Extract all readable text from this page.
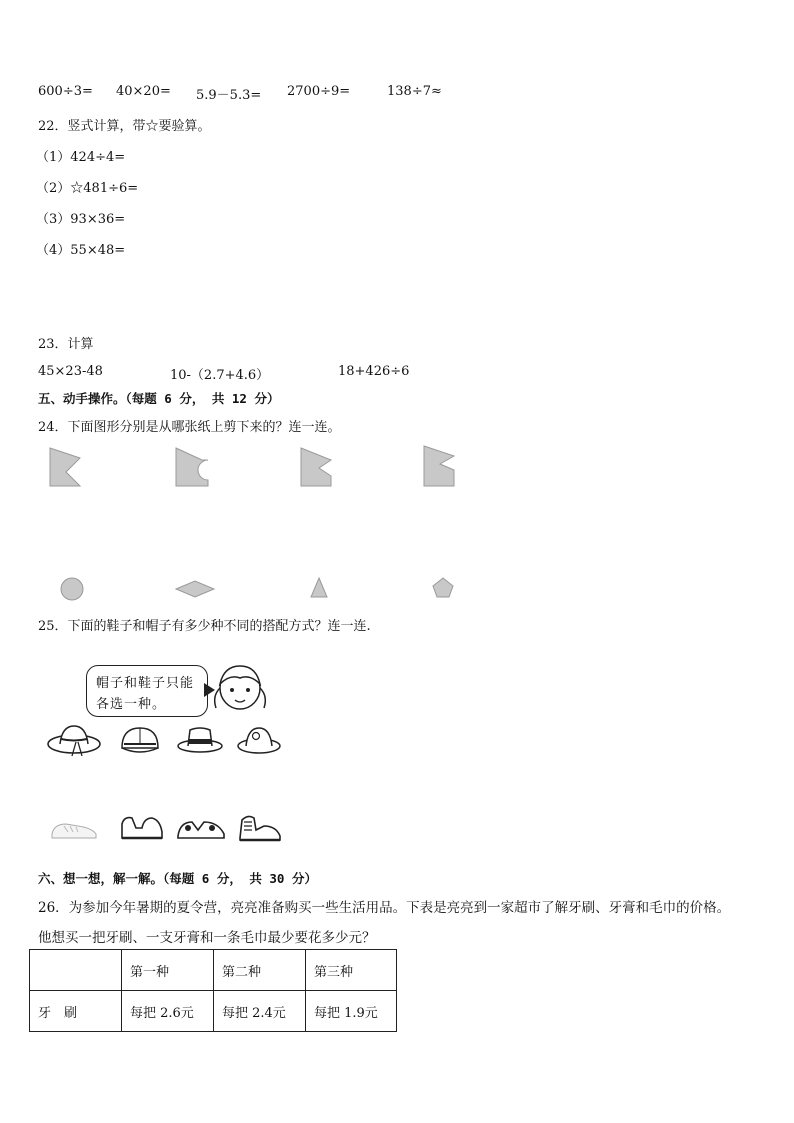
600÷3= 40×20= 5.9－5.3= 2700÷9=	138÷7≈
22．竖式计算，带☆要验算。
（1）424÷4=
（2）☆481÷6=
（3）93×36=
（4）55×48=
23．计算
45×23-48	10-（2.7+4.6）	18+426÷6
五、动手操作。（每题 6 分， 共 12 分）
24．下面图形分别是从哪张纸上剪下来的？连一连。
25．下面的鞋子和帽子有多少种不同的搭配方式？连一连.
帽子和鞋子只能
各选一种。
六、想一想，解一解。（每题 6 分， 共 30 分）
26．为参加今年暑期的夏令营，亮亮准备购买一些生活用品。下表是亮亮到一家超市了解牙刷、牙膏和毛巾的价格。
他想买一把牙刷、一支牙膏和一条毛巾最少要花多少元？
	第一种	第二种	第三种
牙　刷	每把 2.6元	每把 2.4元	每把 1.9元
